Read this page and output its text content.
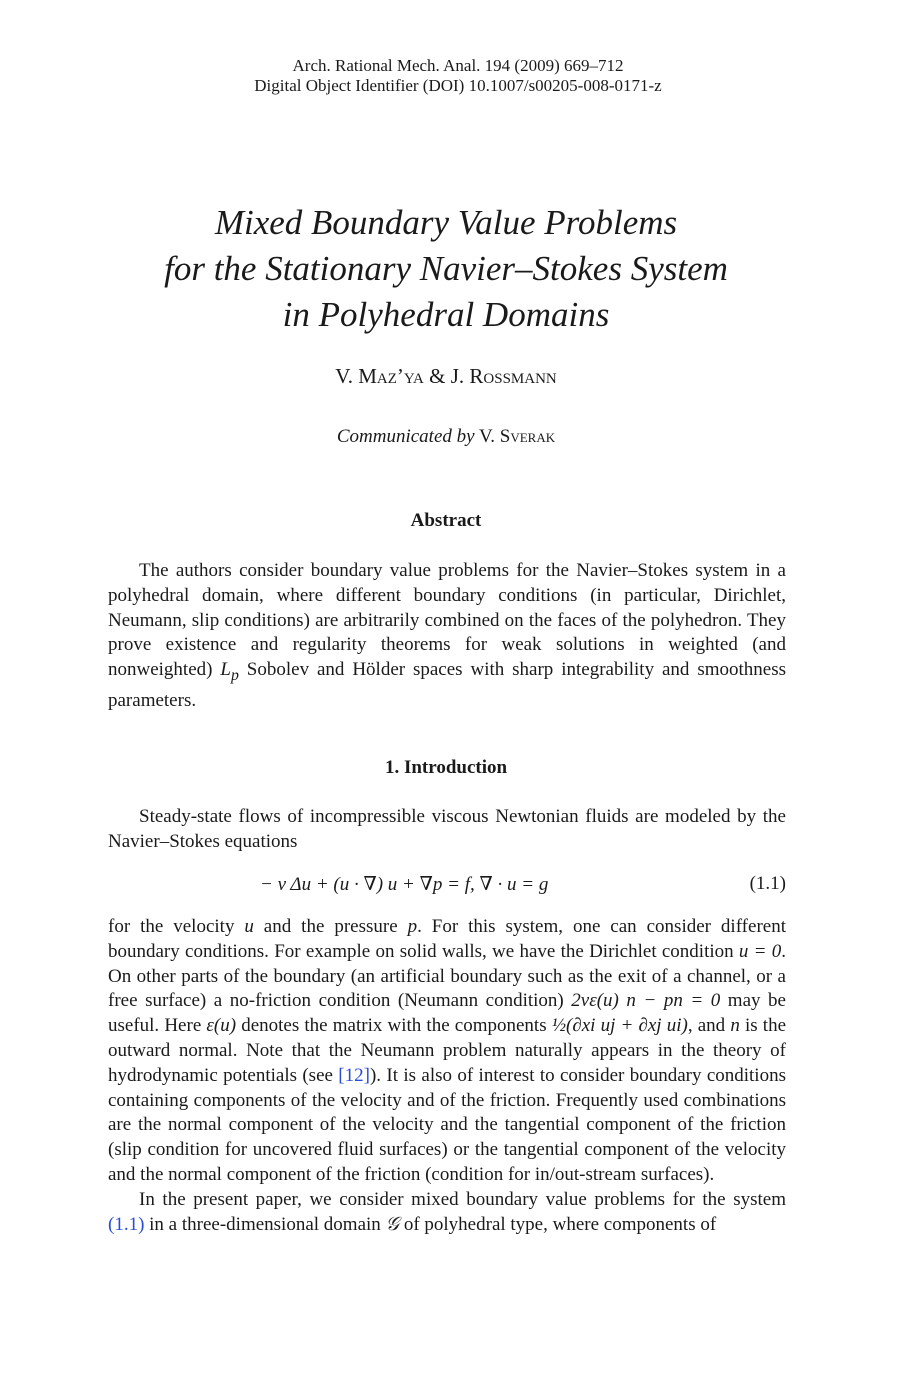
Arch. Rational Mech. Anal. 194 (2009) 669–712
Digital Object Identifier (DOI) 10.1007/s00205-008-0171-z
Mixed Boundary Value Problems
for the Stationary Navier–Stokes System
in Polyhedral Domains
V. Maz’ya & J. Rossmann
Communicated by V. Sverak
Abstract

The authors consider boundary value problems for the Navier–Stokes system in a polyhedral domain, where different boundary conditions (in particular, Dirichlet, Neumann, slip conditions) are arbitrarily combined on the faces of the polyhedron. They prove existence and regularity theorems for weak solutions in weighted (and nonweighted) $L_p$ Sobolev and Hölder spaces with sharp integrability and smoothness parameters.

1. Introduction

Steady-state flows of incompressible viscous Newtonian fluids are modeled by the Navier–Stokes equations

− ν Δu + (u · ∇) u + ∇p = f, ∇ · u = g	(1.1)

for the velocity u and the pressure p. For this system, one can consider different boundary conditions. For example on solid walls, we have the Dirichlet condition u = 0. On other parts of the boundary (an artificial boundary such as the exit of a channel, or a free surface) a no-friction condition (Neumann condition) 2νε(u) n − pn = 0 may be useful. Here ε(u) denotes the matrix with the components ½(∂xi uj + ∂xj ui), and n is the outward normal. Note that the Neumann problem naturally appears in the theory of hydrodynamic potentials (see [12]). It is also of interest to consider boundary conditions containing components of the velocity and of the friction. Frequently used combinations are the normal component of the velocity and the tangential component of the friction (slip condition for uncovered fluid surfaces) or the tangential component of the velocity and the normal component of the friction (condition for in/out-stream surfaces).

In the present paper, we consider mixed boundary value problems for the system (1.1) in a three-dimensional domain 𝒢 of polyhedral type, where components of
